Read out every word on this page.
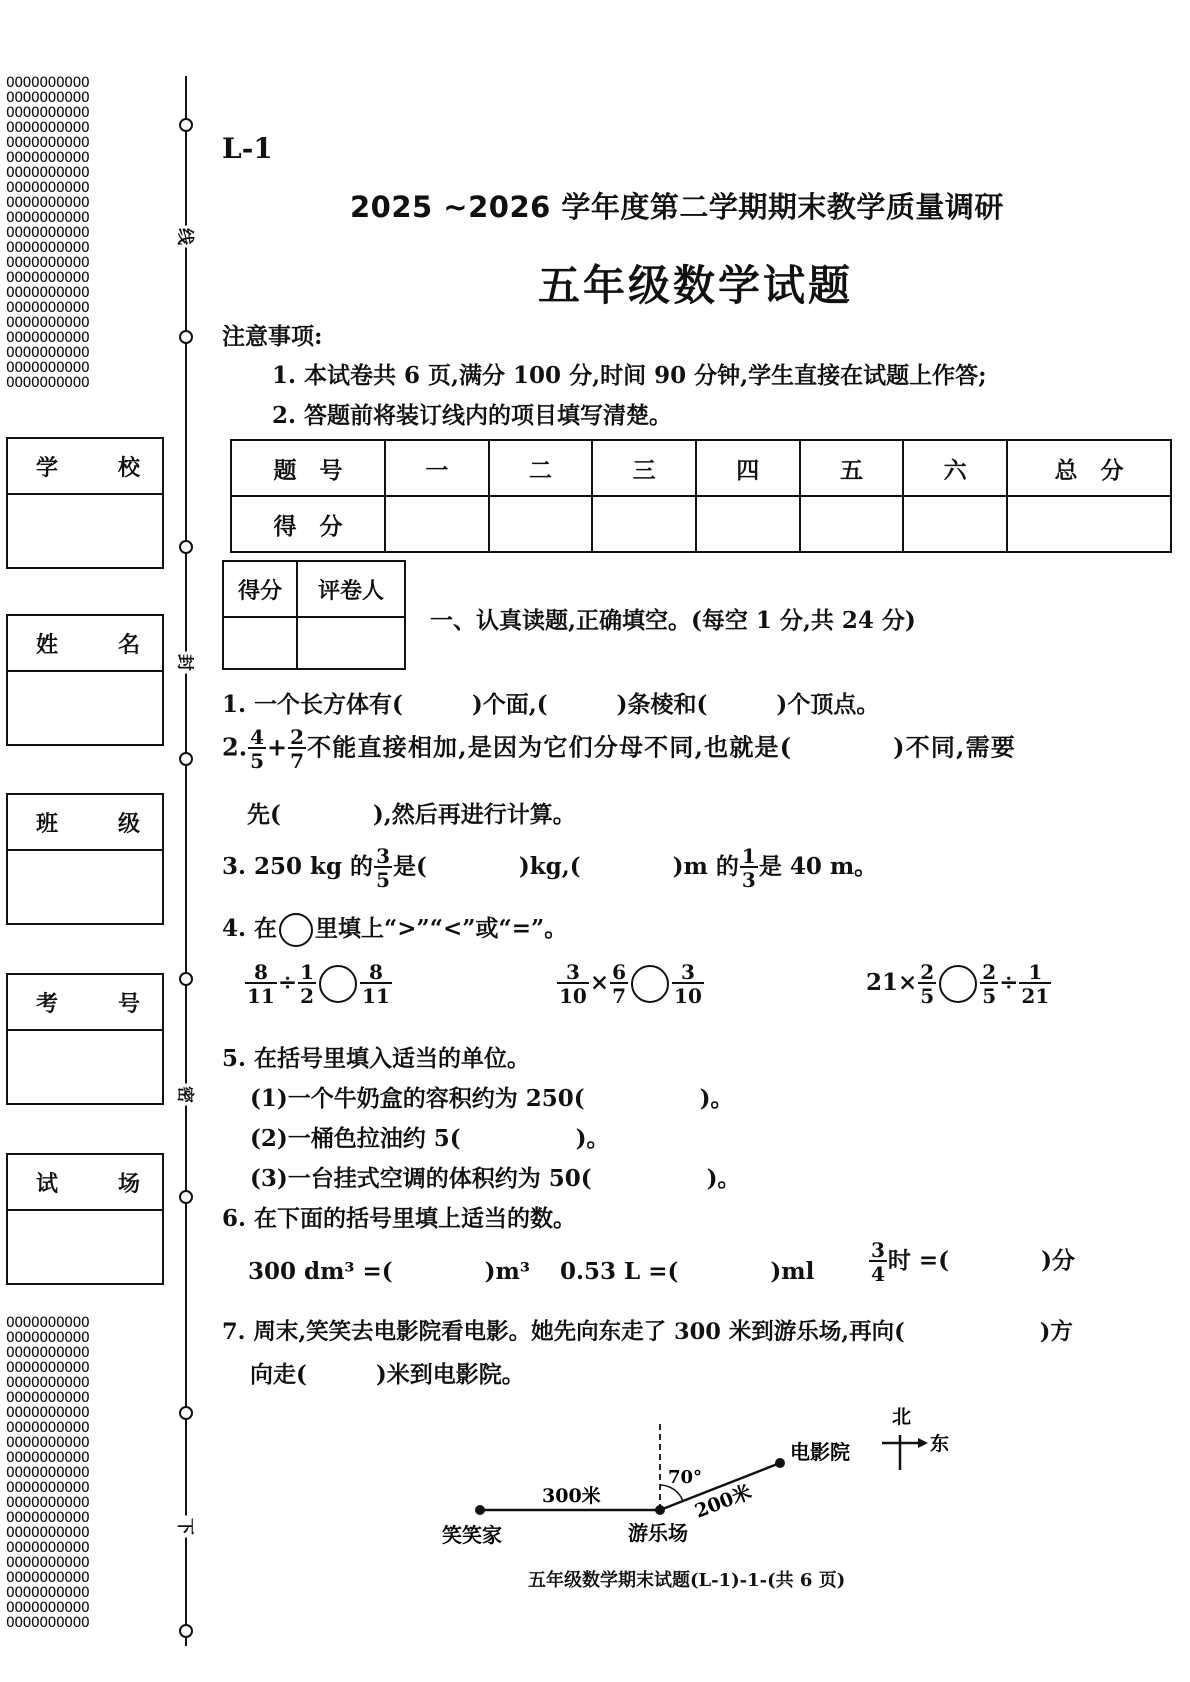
OOOOOOOOOO
OOOOOOOOOO
OOOOOOOOOO
OOOOOOOOOO
OOOOOOOOOO
OOOOOOOOOO
OOOOOOOOOO
OOOOOOOOOO
OOOOOOOOOO
OOOOOOOOOO
OOOOOOOOOO
OOOOOOOOOO
OOOOOOOOOO
OOOOOOOOOO
OOOOOOOOOO
OOOOOOOOOO
OOOOOOOOOO
OOOOOOOOOO
OOOOOOOOOO
OOOOOOOOOO
OOOOOOOOOO
OOOOOOOOOO
OOOOOOOOOO
OOOOOOOOOO
OOOOOOOOOO
OOOOOOOOOO
OOOOOOOOOO
OOOOOOOOOO
OOOOOOOOOO
OOOOOOOOOO
OOOOOOOOOO
OOOOOOOOOO
OOOOOOOOOO
OOOOOOOOOO
OOOOOOOOOO
OOOOOOOOOO
OOOOOOOOOO
OOOOOOOOOO
OOOOOOOOOO
OOOOOOOOOO
OOOOOOOOOO
OOOOOOOOOO
线
封
密
下
学	校
姓	名
班	级
考	号
试	场
L-1
2025 ~2026 学年度第二学期期末教学质量调研
五年级数学试题
注意事项:
1. 本试卷共 6 页,满分 100 分,时间 90 分钟,学生直接在试题上作答;
2. 答题前将装订线内的项目填写清楚。
题　号	一	二	三	四	五	六	总　分
得　分							
得分	评卷人

一、认真读题,正确填空。(每空 1 分,共 24 分)
1. 一个长方体有(　　　)个面,(　　　)条棱和(　　　)个顶点。
2. $\frac{4}{5} + \frac{2}{7}$ 不能直接相加,是因为它们分母不同,也就是(　　　　)不同,需要
先(　　　　),然后再进行计算。
3. 250 kg 的 $\frac{3}{5}$ 是(　　　　)kg,(　　　　)m 的 $\frac{1}{3}$ 是 40 m。
4. 在 里填上“>”“<”或“=”。
$\frac{8}{11} \div \frac{1}{2} \frac{8}{11}$	$\frac{3}{10} \times \frac{6}{7} \frac{3}{10}$	$21\times \frac{2}{5} \frac{2}{5} \div \frac{1}{21}$
5. 在括号里填入适当的单位。
(1)一个牛奶盒的容积约为 250(　　　　　)。
(2)一桶色拉油约 5(　　　　　)。
(3)一台挂式空调的体积约为 50(　　　　　)。
6. 在下面的括号里填上适当的数。
300 dm³ =(　　　　)m³ 0.53 L =(　　　　)ml	$\frac{3}{4}$ 时 =(　　　　)分
7. 周末,笑笑去电影院看电影。她先向东走了 300 米到游乐场,再向(　　　　　　)方
向走(　　　)米到电影院。
北
东
笑笑家	游乐场
电影院
300米	200米
70°
五年级数学期末试题(L-1)-1-(共 6 页)
